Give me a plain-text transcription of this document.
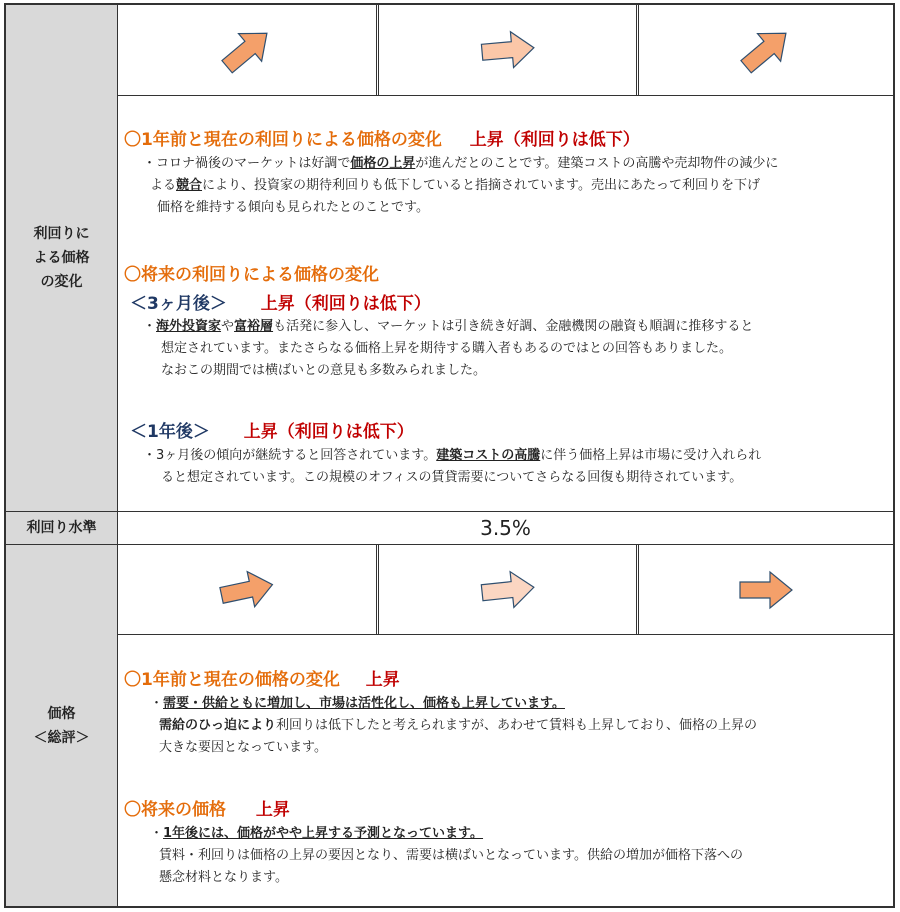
利回りに
よる価格
の変化
〇1年前と現在の利回りによる価格の変化 上昇（利回りは低下）
・コロナ禍後のマーケットは好調で価格の上昇が進んだとのことです。建築コストの高騰や売却物件の減少に
よる競合により、投資家の期待利回りも低下していると指摘されています。売出にあたって利回りを下げ
価格を維持する傾向も見られたとのことです。
〇将来の利回りによる価格の変化
＜3ヶ月後＞ 上昇（利回りは低下）
・海外投資家や富裕層も活発に参入し、マーケットは引き続き好調、金融機関の融資も順調に推移すると
想定されています。またさらなる価格上昇を期待する購入者もあるのではとの回答もありました。
なおこの期間では横ばいとの意見も多数みられました。
＜1年後＞ 上昇（利回りは低下）
・3ヶ月後の傾向が継続すると回答されています。建築コストの高騰に伴う価格上昇は市場に受け入れられ
ると想定されています。この規模のオフィスの賃貸需要についてさらなる回復も期待されています。
利回り水準	3.5%
価格
＜総評＞
〇1年前と現在の価格の変化 上昇
・需要・供給ともに増加し、市場は活性化し、価格も上昇しています。
需給のひっ迫により利回りは低下したと考えられますが、あわせて賃料も上昇しており、価格の上昇の
大きな要因となっています。
〇将来の価格 上昇
・1年後には、価格がやや上昇する予測となっています。
賃料・利回りは価格の上昇の要因となり、需要は横ばいとなっています。供給の増加が価格下落への
懸念材料となります。
